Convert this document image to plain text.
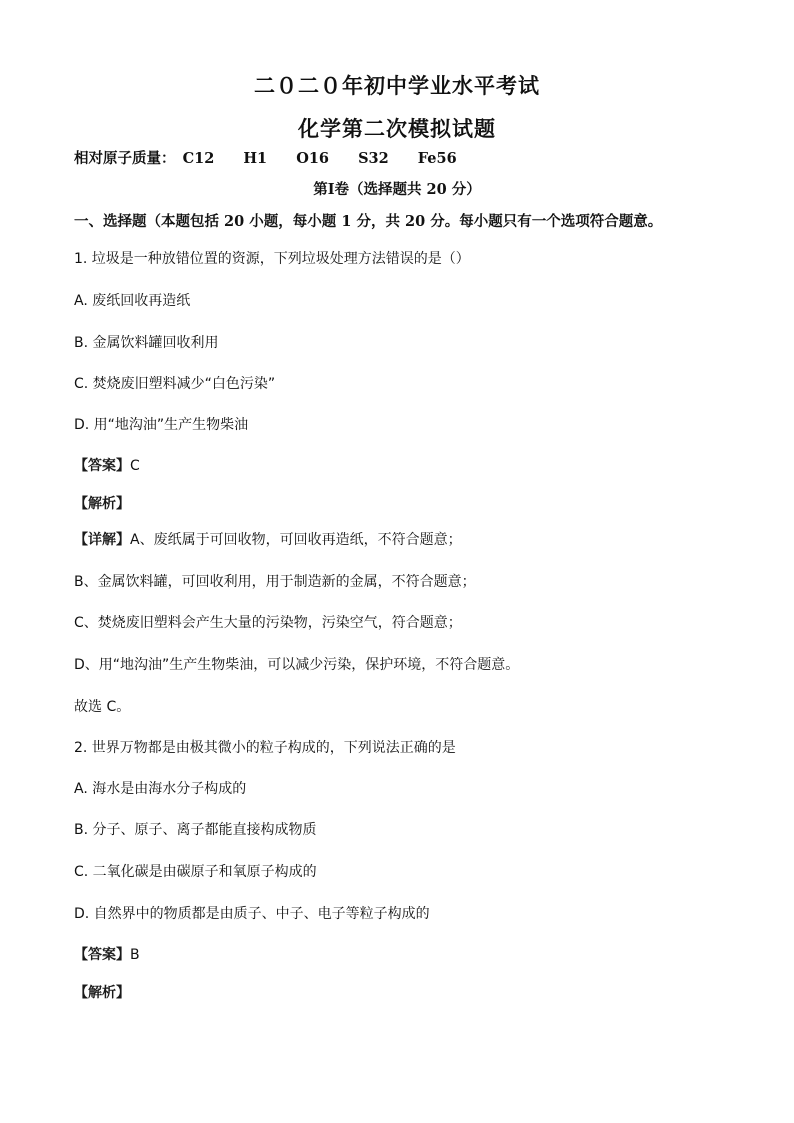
二０二０年初中学业水平考试
化学第二次模拟试题
相对原子质量： C12 H1 O16 S32 Fe56
第Ⅰ卷（选择题共 20 分）
一、选择题（本题包括 20 小题，每小题 1 分，共 20 分。每小题只有一个选项符合题意。
1. 垃圾是一种放错位置的资源，下列垃圾处理方法错误的是（）
A. 废纸回收再造纸
B. 金属饮料罐回收利用
C. 焚烧废旧塑料减少“白色污染”
D. 用“地沟油”生产生物柴油
【答案】C
【解析】
【详解】A、废纸属于可回收物，可回收再造纸，不符合题意；
B、金属饮料罐，可回收利用，用于制造新的金属，不符合题意；
C、焚烧废旧塑料会产生大量的污染物，污染空气，符合题意；
D、用“地沟油”生产生物柴油，可以减少污染，保护环境，不符合题意。
故选 C。
2. 世界万物都是由极其微小的粒子构成的，下列说法正确的是
A. 海水是由海水分子构成的
B. 分子、原子、离子都能直接构成物质
C. 二氧化碳是由碳原子和氧原子构成的
D. 自然界中的物质都是由质子、中子、电子等粒子构成的
【答案】B
【解析】
